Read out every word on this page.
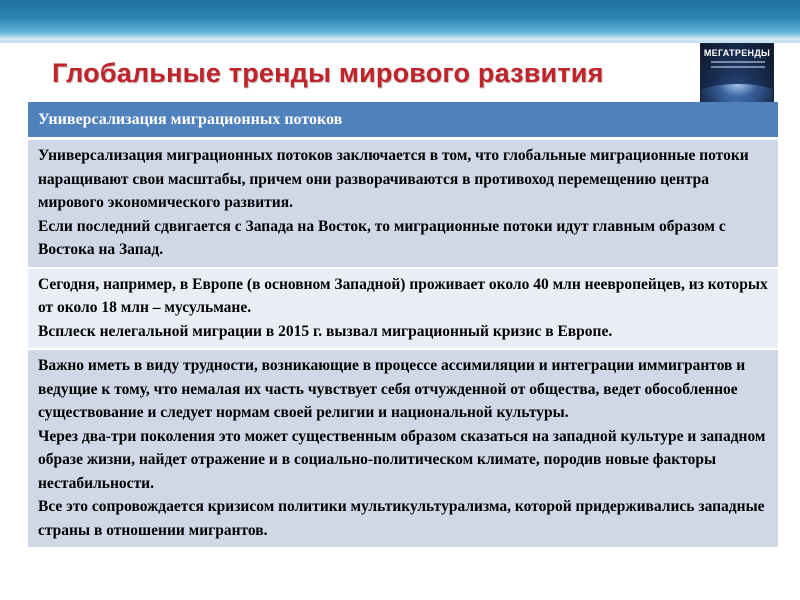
Глобальные тренды мирового развития
МЕГАТРЕНДЫ
Универсализация миграционных потоков

Универсализация миграционных потоков заключается в том, что глобальные миграционные потоки наращивают свои масштабы, причем они разворачиваются в противоход перемещению центра мирового экономического развития.

Если последний сдвигается с Запада на Восток, то миграционные потоки идут главным образом с Востока на Запад.

Сегодня, например, в Европе (в основном Западной) проживает около 40 млн неевропейцев, из которых от около 18 млн – мусульмане.

Всплеск нелегальной миграции в 2015 г. вызвал миграционный кризис в Европе.

Важно иметь в виду трудности, возникающие в процессе ассимиляции и интеграции иммигрантов и ведущие к тому, что немалая их часть чувствует себя отчужденной от общества, ведет обособленное существование и следует нормам своей религии и национальной культуры.

Через два-три поколения это может существенным образом сказаться на западной культуре и западном образе жизни, найдет отражение и в социально-политическом климате, породив новые факторы нестабильности.

Все это сопровождается кризисом политики мультикультурализма, которой придерживались западные страны в отношении мигрантов.
